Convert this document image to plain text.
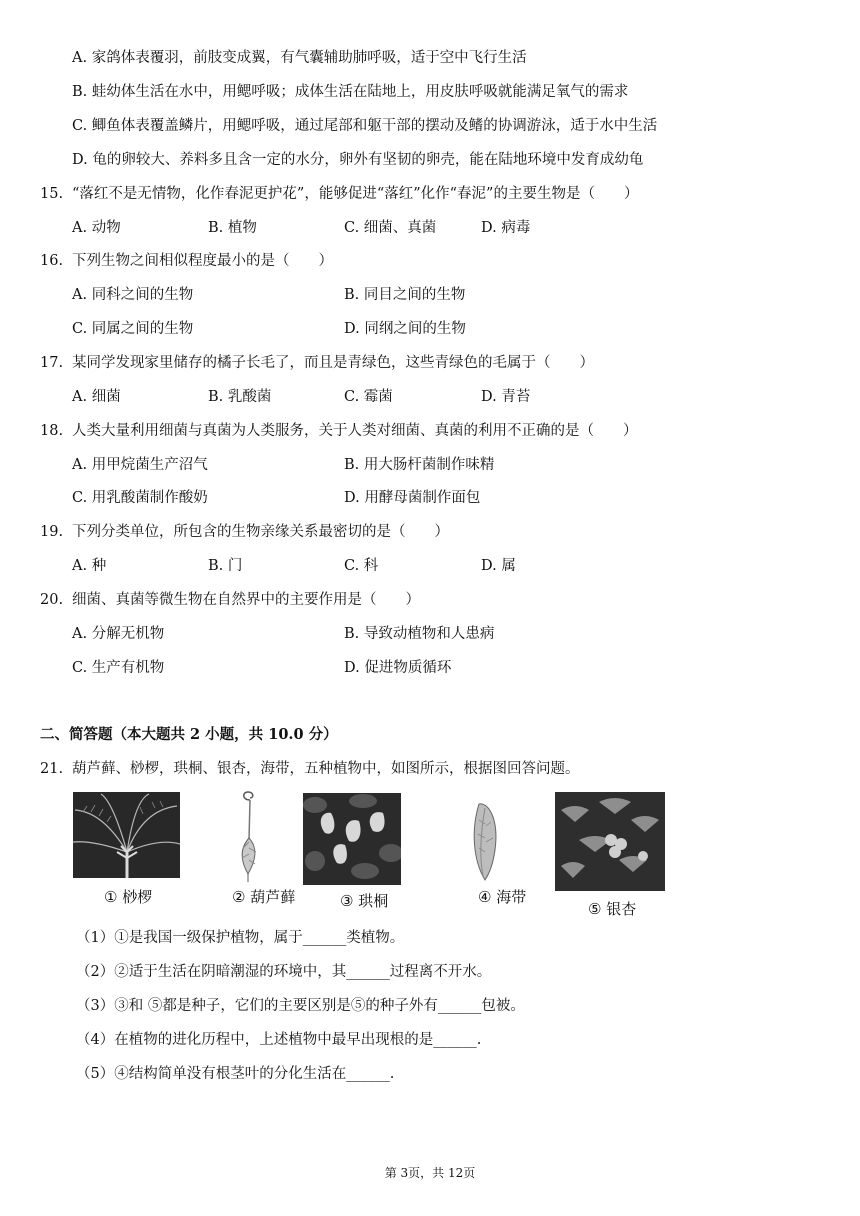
A. 家鸽体表覆羽，前肢变成翼，有气囊辅助肺呼吸，适于空中飞行生活
B. 蛙幼体生活在水中，用鳃呼吸；成体生活在陆地上，用皮肤呼吸就能满足氧气的需求
C. 鲫鱼体表覆盖鳞片，用鳃呼吸，通过尾部和躯干部的摆动及鳍的协调游泳，适于水中生活
D. 龟的卵较大、养料多且含一定的水分，卵外有坚韧的卵壳，能在陆地环境中发育成幼龟
15. “落红不是无情物，化作春泥更护花”，能够促进“落红”化作“春泥”的主要生物是（　　）
A. 动物	B. 植物	C. 细菌、真菌	D. 病毒
16. 下列生物之间相似程度最小的是（　　）
A. 同科之间的生物	B. 同目之间的生物
C. 同属之间的生物	D. 同纲之间的生物
17. 某同学发现家里储存的橘子长毛了，而且是青绿色，这些青绿色的毛属于（　　）
A. 细菌	B. 乳酸菌	C. 霉菌	D. 青苔
18. 人类大量利用细菌与真菌为人类服务，关于人类对细菌、真菌的利用不正确的是（　　）
A. 用甲烷菌生产沼气	B. 用大肠杆菌制作味精
C. 用乳酸菌制作酸奶	D. 用酵母菌制作面包
19. 下列分类单位，所包含的生物亲缘关系最密切的是（　　）
A. 种	B. 门	C. 科	D. 属
20. 细菌、真菌等微生物在自然界中的主要作用是（　　）
A. 分解无机物	B. 导致动植物和人患病
C. 生产有机物	D. 促进物质循环
二、简答题（本大题共 2 小题，共 10.0 分）
21. 葫芦藓、桫椤，珙桐、银杏，海带，五种植物中，如图所示，根据图回答问题。
① 桫椤	② 葫芦藓	③ 珙桐	④ 海带
⑤ 银杏
（1）①是我国一级保护植物，属于______类植物。
（2）②适于生活在阴暗潮湿的环境中，其______过程离不开水。
（3）③和 ⑤都是种子，它们的主要区别是⑤的种子外有______包被。
（4）在植物的进化历程中，上述植物中最早出现根的是______.
（5）④结构简单没有根茎叶的分化生活在______.
第 3页，共 12页
